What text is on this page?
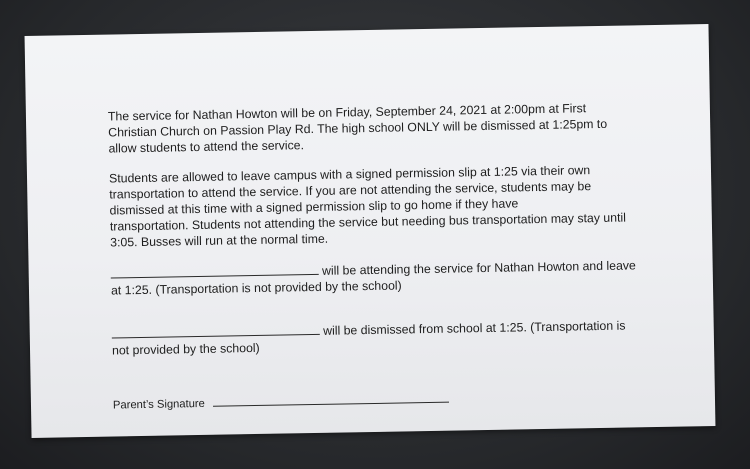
The service for Nathan Howton will be on Friday, September 24, 2021 at 2:00pm at First
Christian Church on Passion Play Rd. The high school ONLY will be dismissed at 1:25pm to
allow students to attend the service.

Students are allowed to leave campus with a signed permission slip at 1:25 via their own
transportation to attend the service. If you are not attending the service, students may be
dismissed at this time with a signed permission slip to go home if they have
transportation. Students not attending the service but needing bus transportation may stay until
3:05. Busses will run at the normal time.

will be attending the service for Nathan Howton and leave
at 1:25. (Transportation is not provided by the school)
will be dismissed from school at 1:25. (Transportation is
not provided by the school)
Parent’s Signature
